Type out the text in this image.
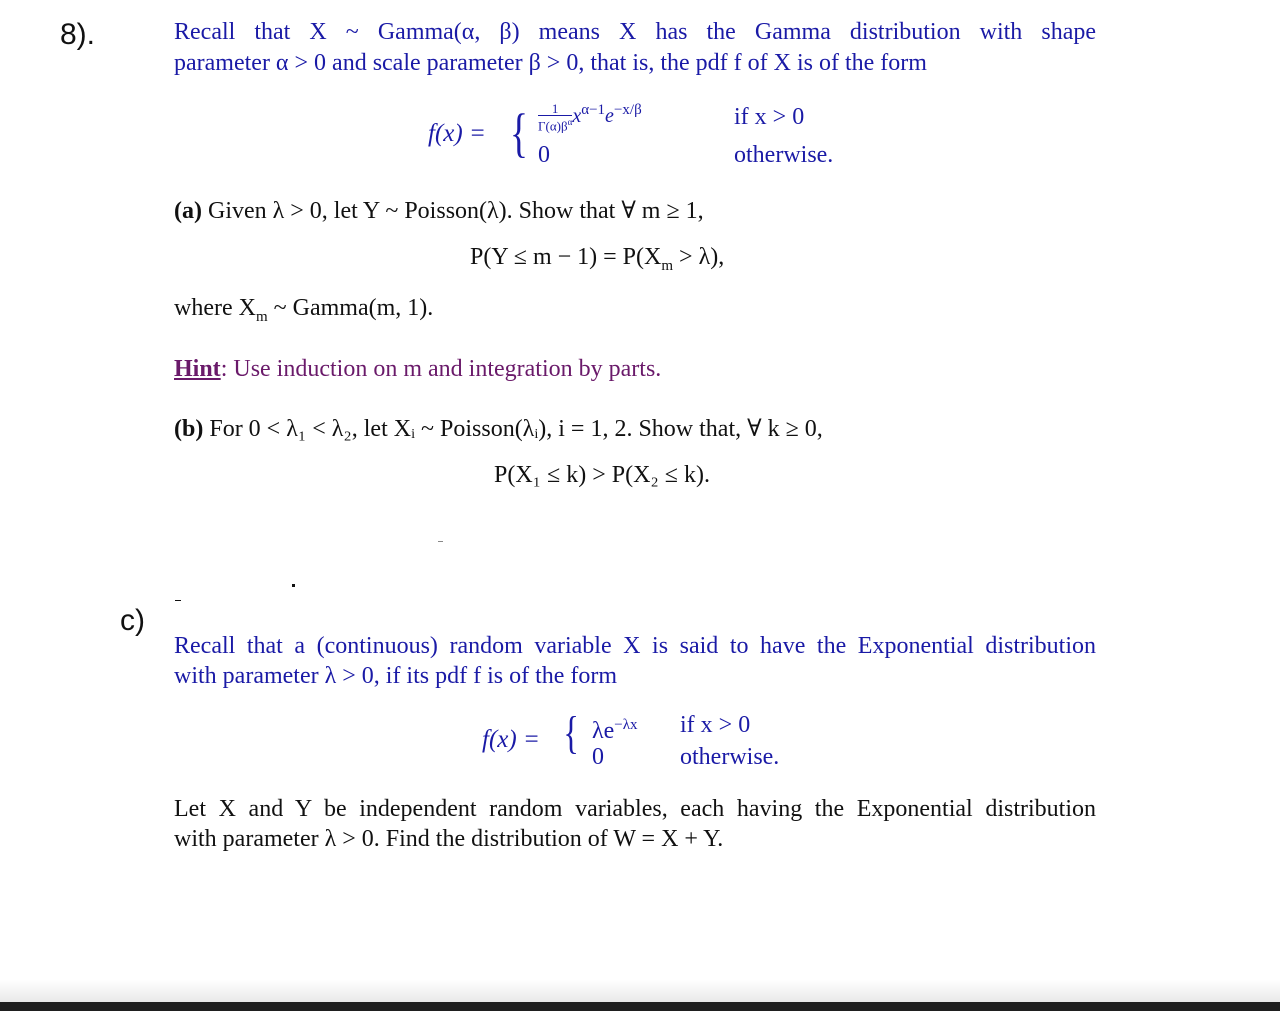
8).	Recall that X ~ Gamma(α, β) means X has the Gamma distribution with shape
parameter α > 0 and scale parameter β > 0, that is, the pdf f of X is of the form
f(x) = { $\frac{1}{\Gamma(\alpha)\beta^\alpha} x^{\alpha-1}e^{-x/\beta}$	if x > 0
0	otherwise.
(a) Given λ > 0, let Y ~ Poisson(λ). Show that ∀ m ≥ 1,
$P(Y \le m - 1) = P(X_m > \lambda)$,
where $X_m$ ~ Gamma(m, 1).
Hint: Use induction on m and integration by parts.
(b) For 0 < λ₁ < λ₂, let Xᵢ ~ Poisson(λᵢ), i = 1, 2. Show that, ∀ k ≥ 0,
P(X₁ ≤ k) > P(X₂ ≤ k).
c)
Recall that a (continuous) random variable X is said to have the Exponential distribution
with parameter λ > 0, if its pdf f is of the form
f(x) = { $\lambda e^{-\lambda x}$ if x > 0
0	otherwise.
Let X and Y be independent random variables, each having the Exponential distribution
with parameter λ > 0. Find the distribution of W = X + Y.
